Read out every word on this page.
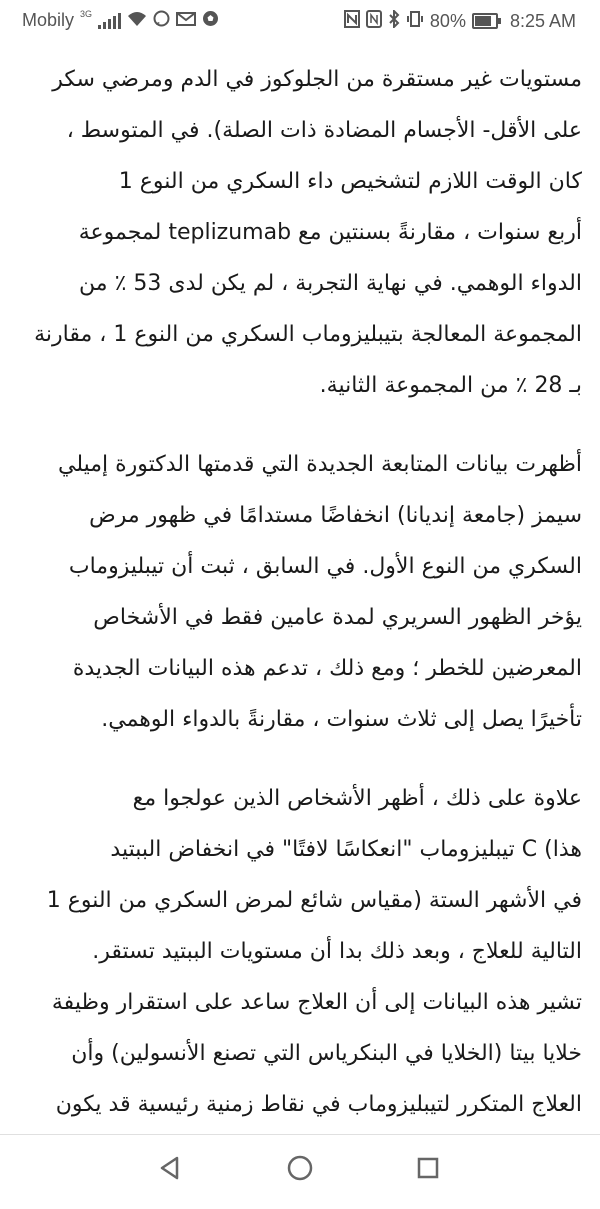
Mobily 3G	80% 8:25 AM

مستويات غير مستقرة من الجلوكوز في الدم ومرضي سكر

على الأقل- الأجسام المضادة ذات الصلة). في المتوسط ،

كان الوقت اللازم لتشخيص داء السكري من النوع 1

أربع سنوات ، مقارنةً بسنتين مع teplizumab لمجموعة

الدواء الوهمي. في نهاية التجربة ، لم يكن لدى 53 ٪ من

المجموعة المعالجة بتيبليزوماب السكري من النوع 1 ، مقارنة

بـ 28 ٪ من المجموعة الثانية.

أظهرت بيانات المتابعة الجديدة التي قدمتها الدكتورة إميلي

سيمز (جامعة إنديانا) انخفاضًا مستدامًا في ظهور مرض

السكري من النوع الأول. في السابق ، ثبت أن تيبليزوماب

يؤخر الظهور السريري لمدة عامين فقط في الأشخاص

المعرضين للخطر ؛ ومع ذلك ، تدعم هذه البيانات الجديدة

تأخيرًا يصل إلى ثلاث سنوات ، مقارنةً بالدواء الوهمي.

علاوة على ذلك ، أظهر الأشخاص الذين عولجوا مع

هذا) C تيبليزوماب "انعكاسًا لافتًا" في انخفاض الببتيد

في الأشهر الستة (مقياس شائع لمرض السكري من النوع 1

التالية للعلاج ، وبعد ذلك بدا أن مستويات الببتيد تستقر.

تشير هذه البيانات إلى أن العلاج ساعد على استقرار وظيفة

خلايا بيتا (الخلايا في البنكرياس التي تصنع الأنسولين) وأن

العلاج المتكرر لتيبليزوماب في نقاط زمنية رئيسية قد يكون
